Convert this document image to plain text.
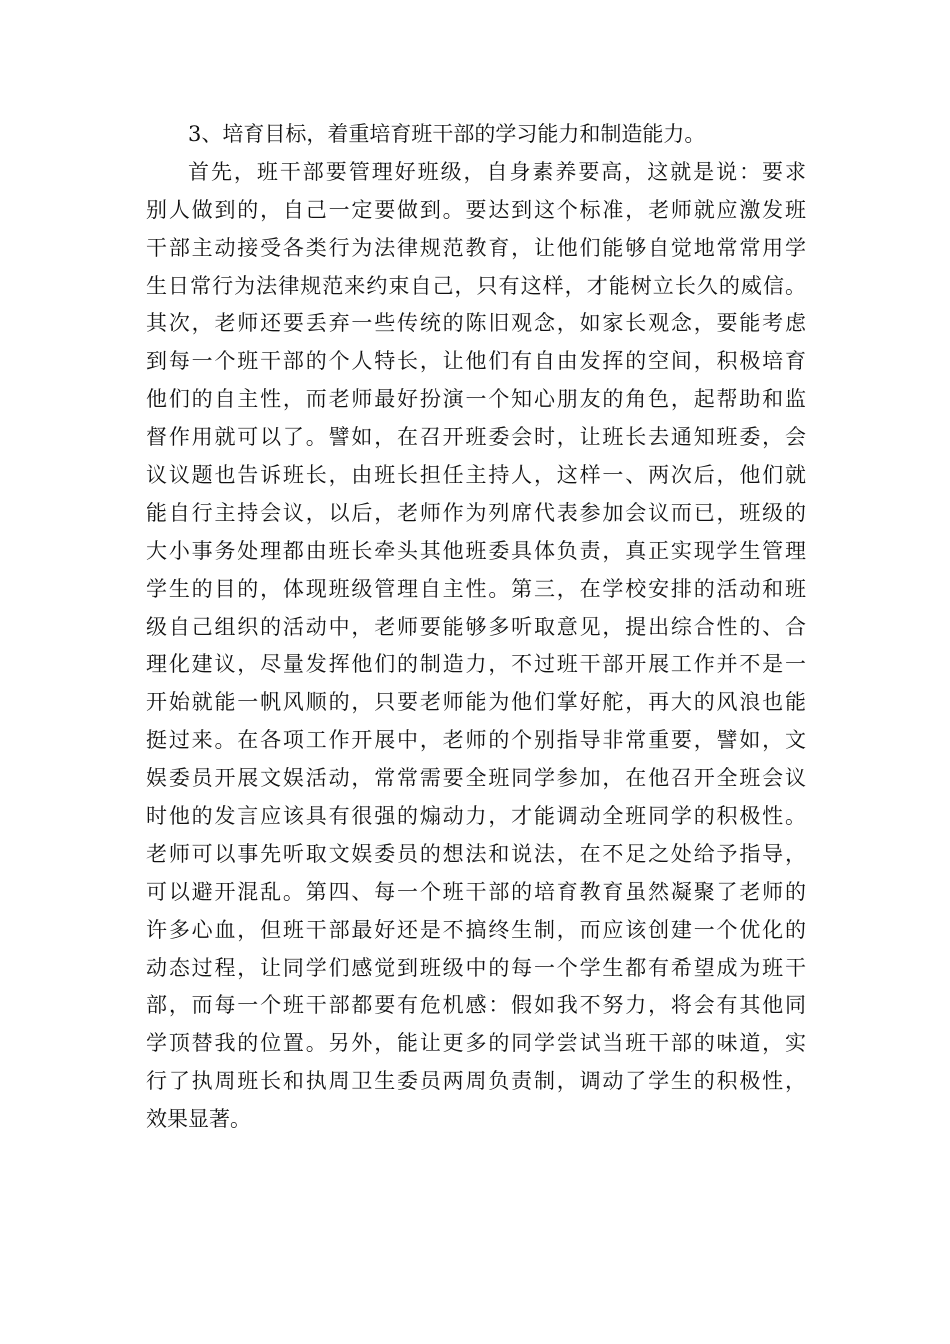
3、培育目标，着重培育班干部的学习能力和制造能力。
首先，班干部要管理好班级，自身素养要高，这就是说：要求
别人做到的，自己一定要做到。要达到这个标准，老师就应激发班
干部主动接受各类行为法律规范教育，让他们能够自觉地常常用学
生日常行为法律规范来约束自己，只有这样，才能树立长久的威信。
其次，老师还要丢弃一些传统的陈旧观念，如家长观念，要能考虑
到每一个班干部的个人特长，让他们有自由发挥的空间，积极培育
他们的自主性，而老师最好扮演一个知心朋友的角色，起帮助和监
督作用就可以了。譬如，在召开班委会时，让班长去通知班委，会
议议题也告诉班长，由班长担任主持人，这样一、两次后，他们就
能自行主持会议，以后，老师作为列席代表参加会议而已，班级的
大小事务处理都由班长牵头其他班委具体负责，真正实现学生管理
学生的目的，体现班级管理自主性。第三，在学校安排的活动和班
级自己组织的活动中，老师要能够多听取意见，提出综合性的、合
理化建议，尽量发挥他们的制造力，不过班干部开展工作并不是一
开始就能一帆风顺的，只要老师能为他们掌好舵，再大的风浪也能
挺过来。在各项工作开展中，老师的个别指导非常重要，譬如，文
娱委员开展文娱活动，常常需要全班同学参加，在他召开全班会议
时他的发言应该具有很强的煽动力，才能调动全班同学的积极性。
老师可以事先听取文娱委员的想法和说法，在不足之处给予指导，
可以避开混乱。第四、每一个班干部的培育教育虽然凝聚了老师的
许多心血，但班干部最好还是不搞终生制，而应该创建一个优化的
动态过程，让同学们感觉到班级中的每一个学生都有希望成为班干
部，而每一个班干部都要有危机感：假如我不努力，将会有其他同
学顶替我的位置。另外，能让更多的同学尝试当班干部的味道，实
行了执周班长和执周卫生委员两周负责制，调动了学生的积极性，
效果显著。
